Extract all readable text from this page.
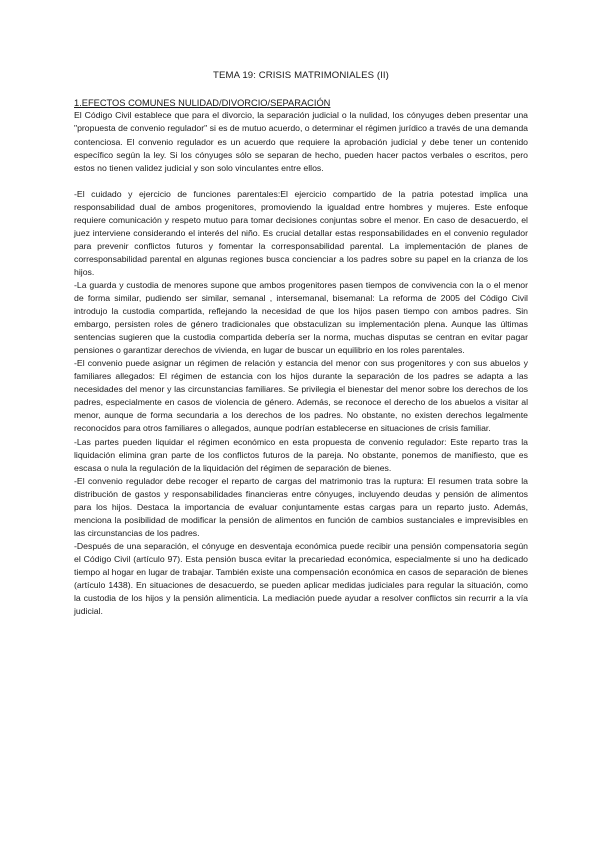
TEMA 19: CRISIS MATRIMONIALES (II)
1.EFECTOS COMUNES NULIDAD/DIVORCIO/SEPARACIÓN

El Código Civil establece que para el divorcio, la separación judicial o la nulidad, los cónyuges deben presentar una "propuesta de convenio regulador" si es de mutuo acuerdo, o determinar el régimen jurídico a través de una demanda contenciosa. El convenio regulador es un acuerdo que requiere la aprobación judicial y debe tener un contenido específico según la ley. Si los cónyuges sólo se separan de hecho, pueden hacer pactos verbales o escritos, pero estos no tienen validez judicial y son solo vinculantes entre ellos.

-El cuidado y ejercicio de funciones parentales:El ejercicio compartido de la patria potestad implica una responsabilidad dual de ambos progenitores, promoviendo la igualdad entre hombres y mujeres. Este enfoque requiere comunicación y respeto mutuo para tomar decisiones conjuntas sobre el menor. En caso de desacuerdo, el juez interviene considerando el interés del niño. Es crucial detallar estas responsabilidades en el convenio regulador para prevenir conflictos futuros y fomentar la corresponsabilidad parental. La implementación de planes de corresponsabilidad parental en algunas regiones busca concienciar a los padres sobre su papel en la crianza de los hijos.

-La guarda y custodia de menores supone que ambos progenitores pasen tiempos de convivencia con la o el menor de forma similar, pudiendo ser similar, semanal , intersemanal, bisemanal: La reforma de 2005 del Código Civil introdujo la custodia compartida, reflejando la necesidad de que los hijos pasen tiempo con ambos padres. Sin embargo, persisten roles de género tradicionales que obstaculizan su implementación plena. Aunque las últimas sentencias sugieren que la custodia compartida debería ser la norma, muchas disputas se centran en evitar pagar pensiones o garantizar derechos de vivienda, en lugar de buscar un equilibrio en los roles parentales.

-El convenio puede asignar un régimen de relación y estancia del menor con sus progenitores y con sus abuelos y familiares allegados: El régimen de estancia con los hijos durante la separación de los padres se adapta a las necesidades del menor y las circunstancias familiares. Se privilegia el bienestar del menor sobre los derechos de los padres, especialmente en casos de violencia de género. Además, se reconoce el derecho de los abuelos a visitar al menor, aunque de forma secundaria a los derechos de los padres. No obstante, no existen derechos legalmente reconocidos para otros familiares o allegados, aunque podrían establecerse en situaciones de crisis familiar.

-Las partes pueden liquidar el régimen económico en esta propuesta de convenio regulador: Este reparto tras la liquidación elimina gran parte de los conflictos futuros de la pareja. No obstante, ponemos de manifiesto, que es escasa o nula la regulación de la liquidación del régimen de separación de bienes.

-El convenio regulador debe recoger el reparto de cargas del matrimonio tras la ruptura: El resumen trata sobre la distribución de gastos y responsabilidades financieras entre cónyuges, incluyendo deudas y pensión de alimentos para los hijos. Destaca la importancia de evaluar conjuntamente estas cargas para un reparto justo. Además, menciona la posibilidad de modificar la pensión de alimentos en función de cambios sustanciales e imprevisibles en las circunstancias de los padres.

-Después de una separación, el cónyuge en desventaja económica puede recibir una pensión compensatoria según el Código Civil (artículo 97). Esta pensión busca evitar la precariedad económica, especialmente si uno ha dedicado tiempo al hogar en lugar de trabajar. También existe una compensación económica en casos de separación de bienes (artículo 1438). En situaciones de desacuerdo, se pueden aplicar medidas judiciales para regular la situación, como la custodia de los hijos y la pensión alimenticia. La mediación puede ayudar a resolver conflictos sin recurrir a la vía judicial.
